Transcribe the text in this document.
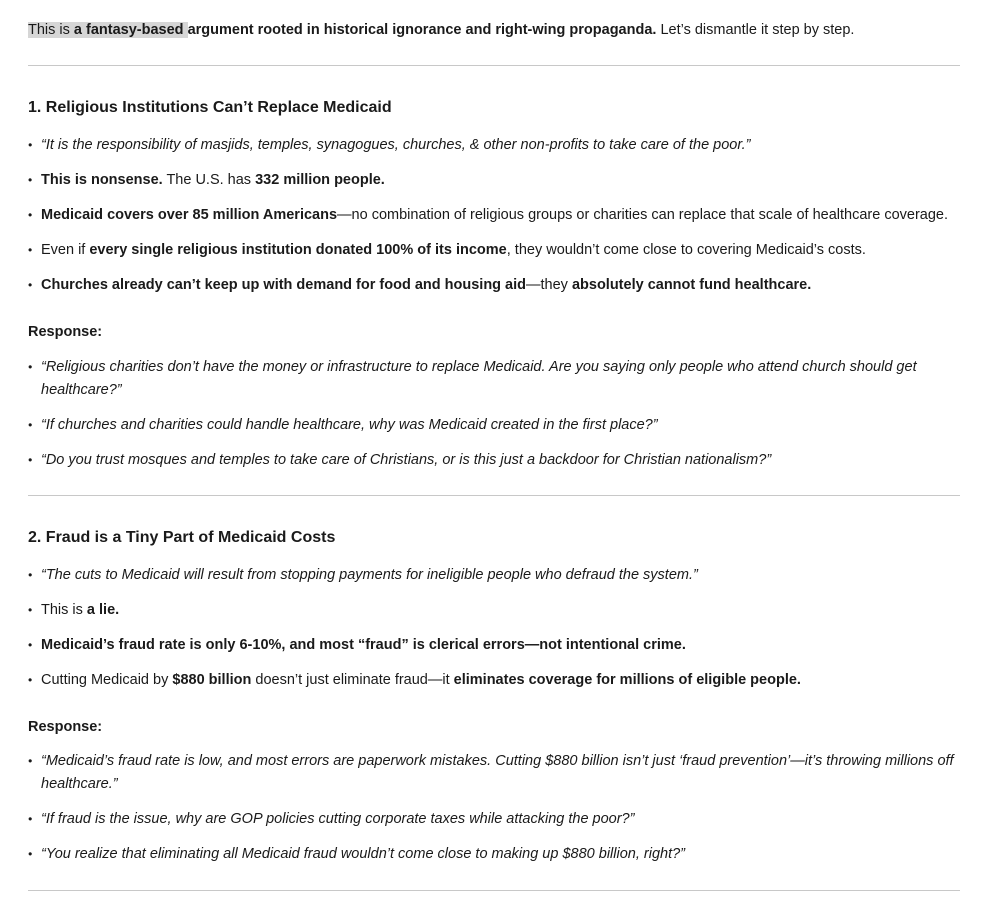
This is a fantasy-based argument rooted in historical ignorance and right-wing propaganda. Let’s dismantle it step by step.
1. Religious Institutions Can’t Replace Medicaid
• “It is the responsibility of masjids, temples, synagogues, churches, & other non-profits to take care of the poor.”
• This is nonsense. The U.S. has 332 million people.
• Medicaid covers over 85 million Americans—no combination of religious groups or charities can replace that scale of healthcare coverage.
• Even if every single religious institution donated 100% of its income, they wouldn’t come close to covering Medicaid’s costs.
• Churches already can’t keep up with demand for food and housing aid—they absolutely cannot fund healthcare.
Response:
• “Religious charities don’t have the money or infrastructure to replace Medicaid. Are you saying only people who attend church should get healthcare?”
• “If churches and charities could handle healthcare, why was Medicaid created in the first place?”
• “Do you trust mosques and temples to take care of Christians, or is this just a backdoor for Christian nationalism?”
2. Fraud is a Tiny Part of Medicaid Costs
• “The cuts to Medicaid will result from stopping payments for ineligible people who defraud the system.”
• This is a lie.
• Medicaid’s fraud rate is only 6-10%, and most “fraud” is clerical errors—not intentional crime.
• Cutting Medicaid by $880 billion doesn’t just eliminate fraud—it eliminates coverage for millions of eligible people.
Response:
• “Medicaid’s fraud rate is low, and most errors are paperwork mistakes. Cutting $880 billion isn’t just ‘fraud prevention’—it’s throwing millions off healthcare.”
• “If fraud is the issue, why are GOP policies cutting corporate taxes while attacking the poor?”
• “You realize that eliminating all Medicaid fraud wouldn’t come close to making up $880 billion, right?”
